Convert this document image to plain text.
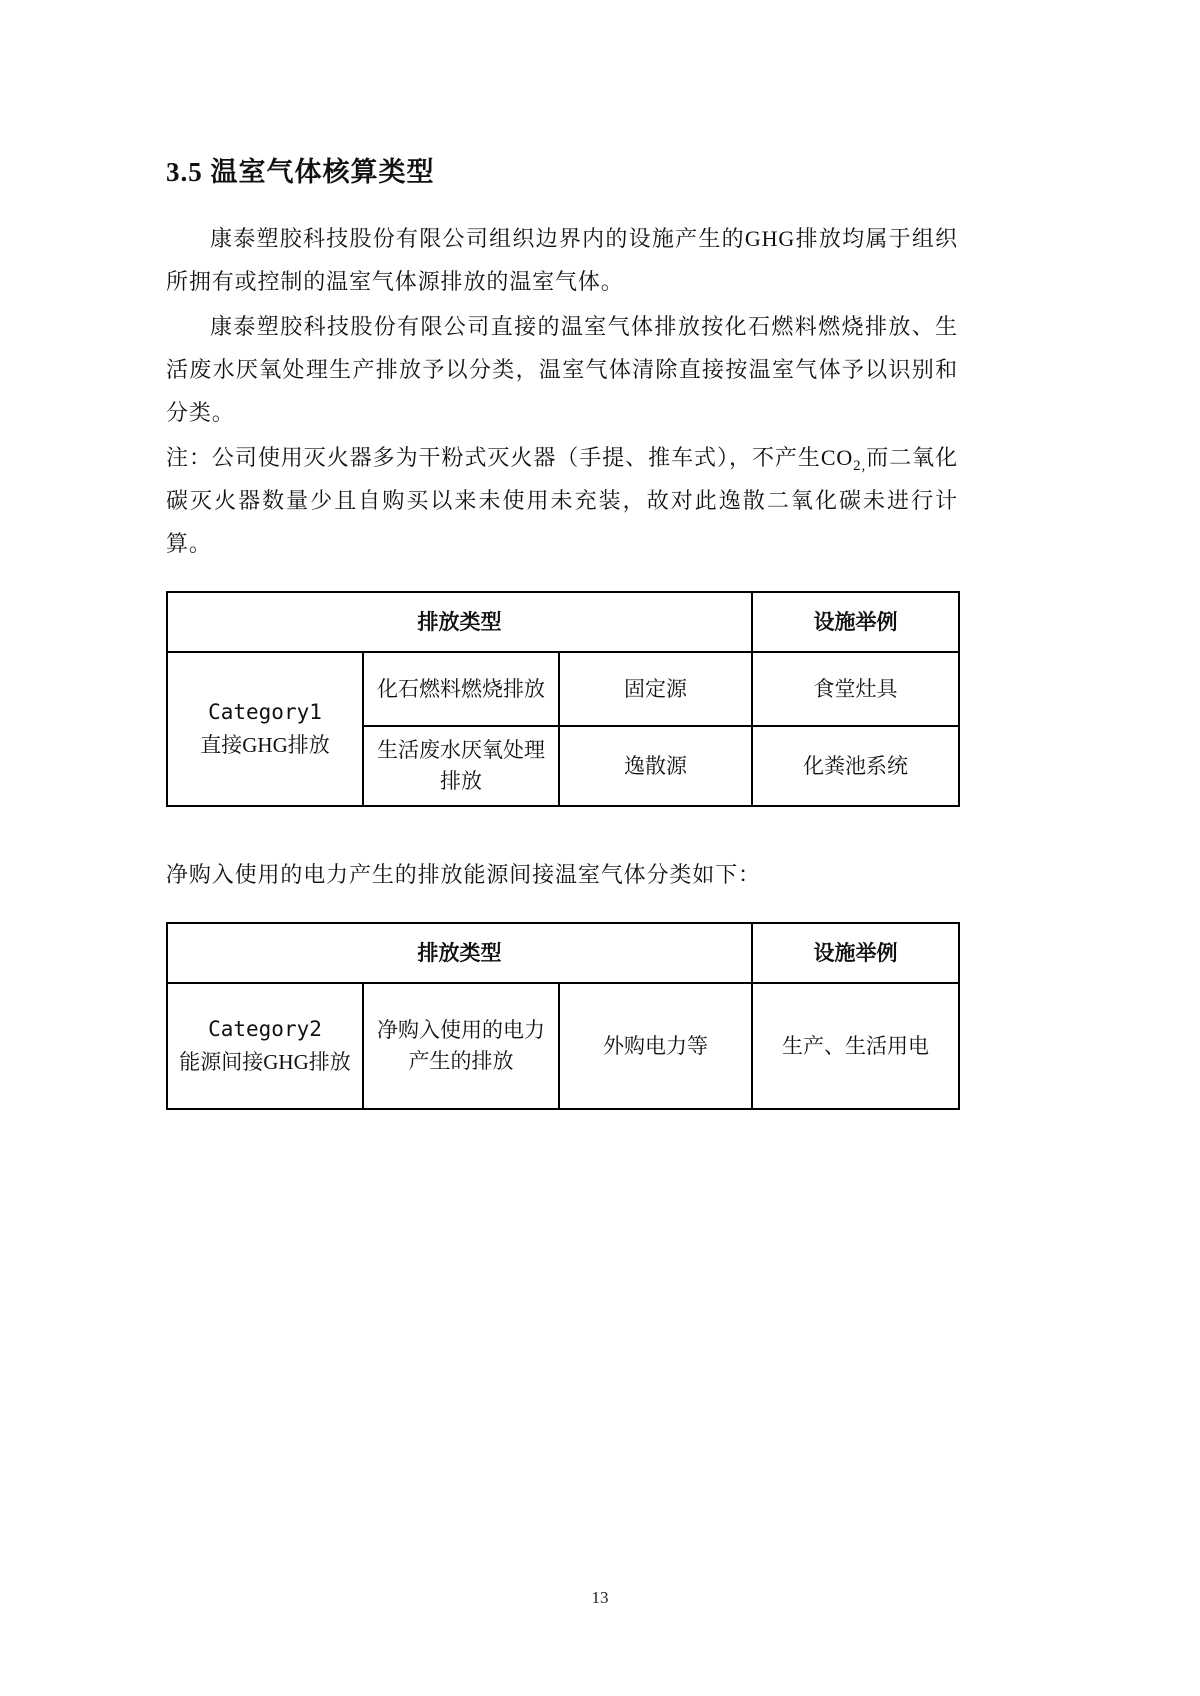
3.5 温室气体核算类型

康泰塑胶科技股份有限公司组织边界内的设施产生的GHG排放均属于组织所拥有或控制的温室气体源排放的温室气体。

康泰塑胶科技股份有限公司直接的温室气体排放按化石燃料燃烧排放、生活废水厌氧处理生产排放予以分类，温室气体清除直接按温室气体予以识别和分类。

注：公司使用灭火器多为干粉式灭火器（手提、推车式），不产生$CO_{2,}$而二氧化碳灭火器数量少且自购买以来未使用未充装，故对此逸散二氧化碳未进行计算。

排放类型			设施举例

Category1
直接GHG排放	化石燃料燃烧排放	固定源	食堂灶具
	生活废水厌氧处理排放	逸散源	化粪池系统

净购入使用的电力产生的排放能源间接温室气体分类如下：

排放类型			设施举例

Category2
能源间接GHG排放	净购入使用的电力产生的排放	外购电力等	生产、生活用电
13
